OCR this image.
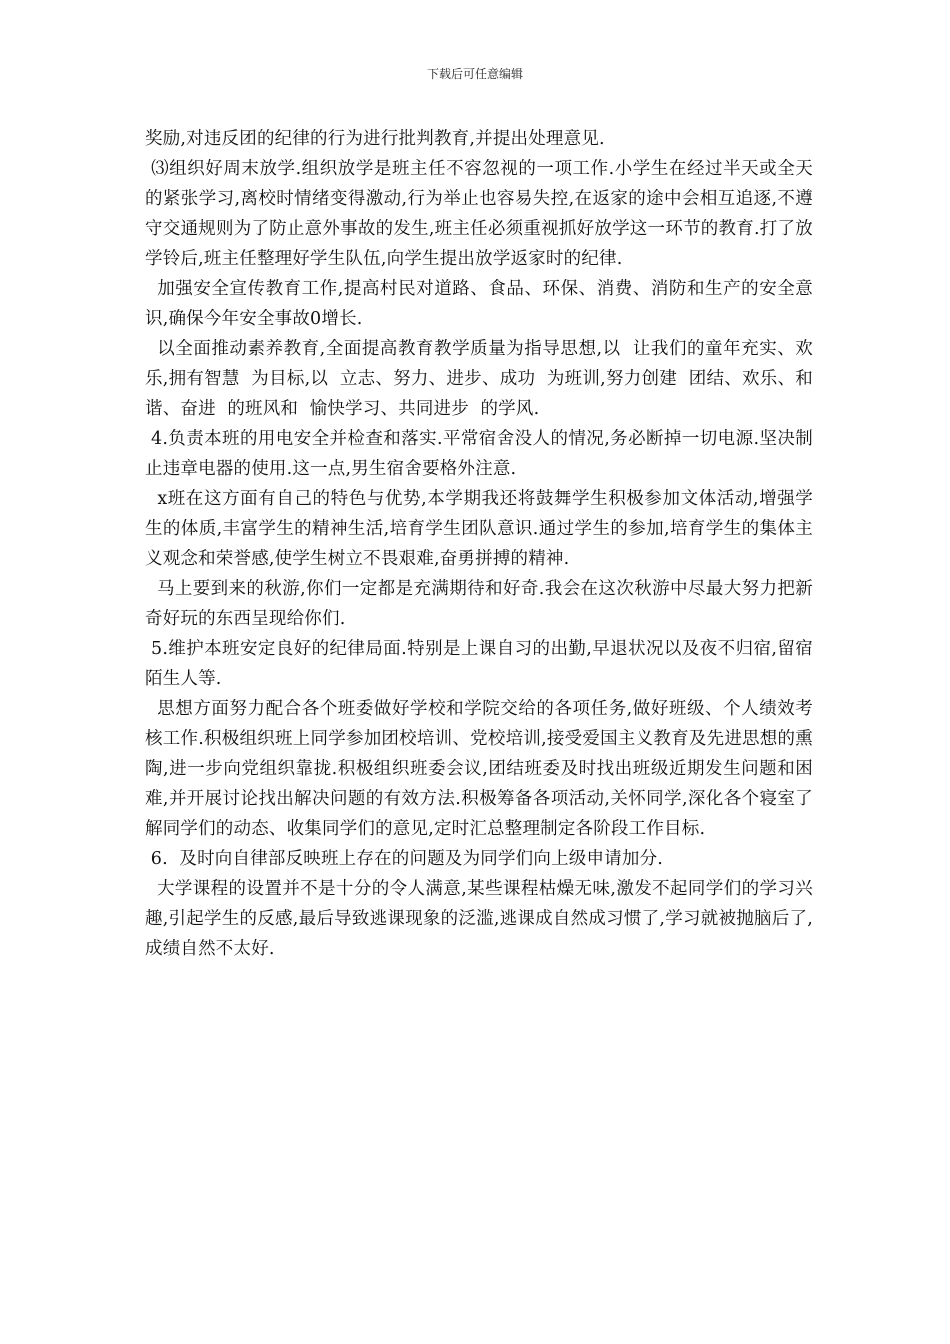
下载后可任意编辑

奖励,对违反团的纪律的行为进行批判教育,并提出处理意见.

⑶组织好周末放学.组织放学是班主任不容忽视的一项工作.小学生在经过半天或全天的紧张学习,离校时情绪变得激动,行为举止也容易失控,在返家的途中会相互追逐,不遵守交通规则为了防止意外事故的发生,班主任必须重视抓好放学这一环节的教育.打了放学铃后,班主任整理好学生队伍,向学生提出放学返家时的纪律.

加强安全宣传教育工作,提高村民对道路、食品、环保、消费、消防和生产的安全意识,确保今年安全事故0增长.

以全面推动素养教育,全面提高教育教学质量为指导思想,以  让我们的童年充实、欢乐,拥有智慧  为目标,以  立志、努力、进步、成功  为班训,努力创建  团结、欢乐、和谐、奋进  的班风和  愉快学习、共同进步  的学风.

4.负责本班的用电安全并检查和落实.平常宿舍没人的情况,务必断掉一切电源.坚决制止违章电器的使用.这一点,男生宿舍要格外注意.

x班在这方面有自己的特色与优势,本学期我还将鼓舞学生积极参加文体活动,增强学生的体质,丰富学生的精神生活,培育学生团队意识.通过学生的参加,培育学生的集体主义观念和荣誉感,使学生树立不畏艰难,奋勇拼搏的精神.

马上要到来的秋游,你们一定都是充满期待和好奇.我会在这次秋游中尽最大努力把新奇好玩的东西呈现给你们.

5.维护本班安定良好的纪律局面.特别是上课自习的出勤,早退状况以及夜不归宿,留宿陌生人等.

思想方面努力配合各个班委做好学校和学院交给的各项任务,做好班级、个人绩效考核工作.积极组织班上同学参加团校培训、党校培训,接受爱国主义教育及先进思想的熏陶,进一步向党组织靠拢.积极组织班委会议,团结班委及时找出班级近期发生问题和困难,并开展讨论找出解决问题的有效方法.积极筹备各项活动,关怀同学,深化各个寝室了解同学们的动态、收集同学们的意见,定时汇总整理制定各阶段工作目标.

6.  及时向自律部反映班上存在的问题及为同学们向上级申请加分.

大学课程的设置并不是十分的令人满意,某些课程枯燥无味,激发不起同学们的学习兴趣,引起学生的反感,最后导致逃课现象的泛滥,逃课成自然成习惯了,学习就被抛脑后了,成绩自然不太好.
